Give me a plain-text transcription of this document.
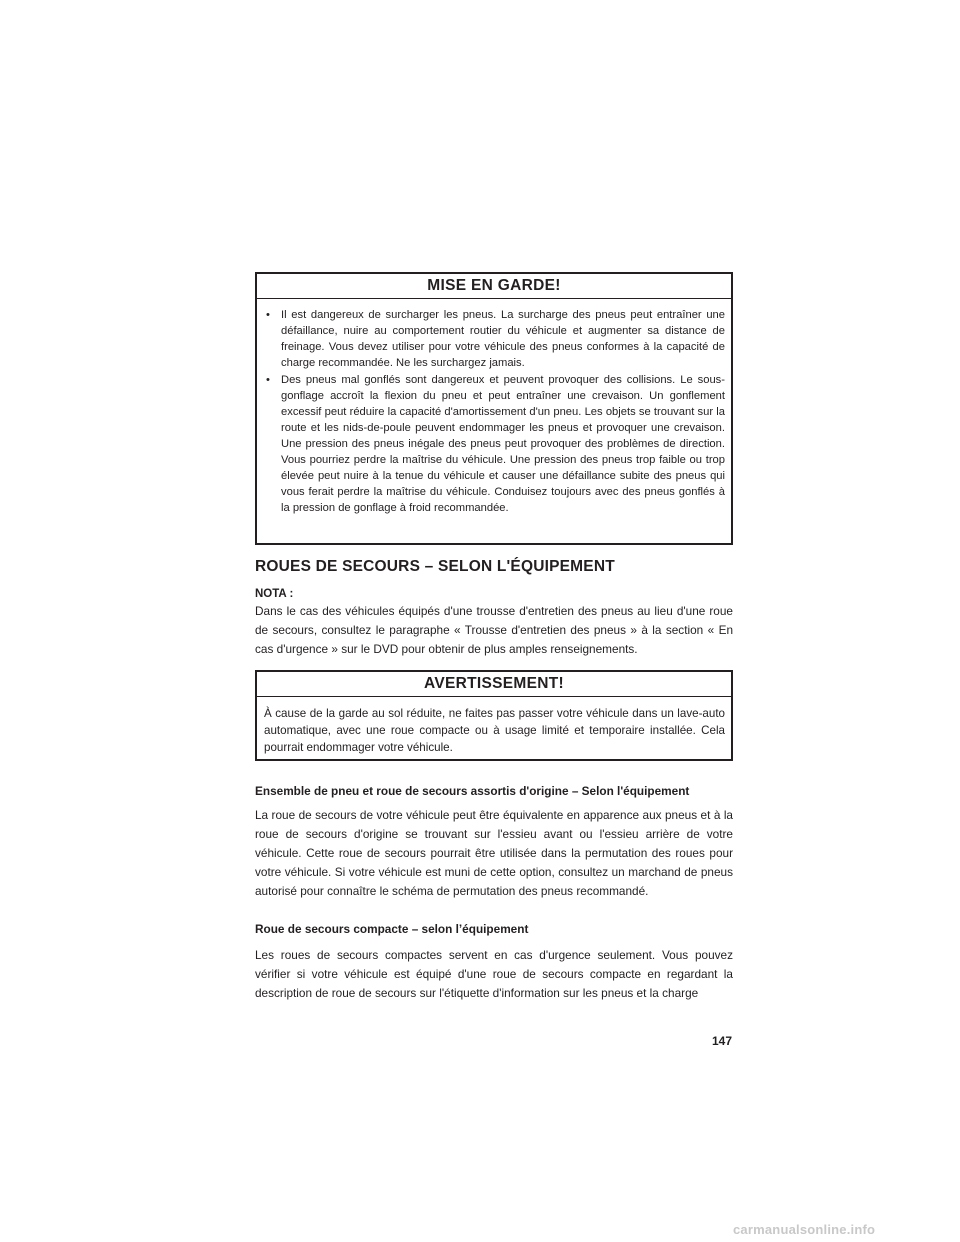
MISE EN GARDE!
• Il est dangereux de surcharger les pneus. La surcharge des pneus peut entraîner une défaillance, nuire au comportement routier du véhicule et augmenter sa distance de freinage. Vous devez utiliser pour votre véhicule des pneus conformes à la capacité de charge recommandée. Ne les surchargez jamais.
• Des pneus mal gonflés sont dangereux et peuvent provoquer des collisions. Le sous-gonflage accroît la flexion du pneu et peut entraîner une crevaison. Un gonflement excessif peut réduire la capacité d'amortissement d'un pneu. Les objets se trouvant sur la route et les nids-de-poule peuvent endommager les pneus et provoquer une crevaison. Une pression des pneus inégale des pneus peut provoquer des problèmes de direction. Vous pourriez perdre la maîtrise du véhicule. Une pression des pneus trop faible ou trop élevée peut nuire à la tenue du véhicule et causer une défaillance subite des pneus qui vous ferait perdre la maîtrise du véhicule. Conduisez toujours avec des pneus gonflés à la pression de gonflage à froid recommandée.
ROUES DE SECOURS – SELON L'ÉQUIPEMENT

NOTA :

Dans le cas des véhicules équipés d'une trousse d'entretien des pneus au lieu d'une roue de secours, consultez le paragraphe « Trousse d'entretien des pneus » à la section « En cas d'urgence » sur le DVD pour obtenir de plus amples renseignements.

AVERTISSEMENT!
À cause de la garde au sol réduite, ne faites pas passer votre véhicule dans un lave-auto automatique, avec une roue compacte ou à usage limité et temporaire installée. Cela pourrait endommager votre véhicule.
Ensemble de pneu et roue de secours assortis d'origine – Selon l'équipement

La roue de secours de votre véhicule peut être équivalente en apparence aux pneus et à la roue de secours d'origine se trouvant sur l'essieu avant ou l'essieu arrière de votre véhicule. Cette roue de secours pourrait être utilisée dans la permutation des roues pour votre véhicule. Si votre véhicule est muni de cette option, consultez un marchand de pneus autorisé pour connaître le schéma de permutation des pneus recommandé.

Roue de secours compacte – selon l’équipement

Les roues de secours compactes servent en cas d'urgence seulement. Vous pouvez vérifier si votre véhicule est équipé d'une roue de secours compacte en regardant la description de roue de secours sur l'étiquette d'information sur les pneus et la charge

147
carmanualsonline.info
